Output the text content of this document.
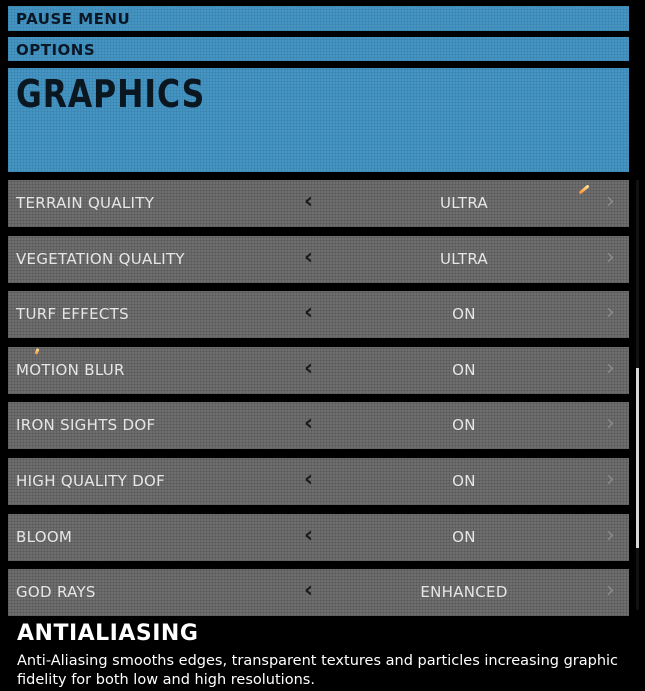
PAUSE MENU
OPTIONS
GRAPHICS
TERRAIN QUALITY	‹	ULTRA	›
VEGETATION QUALITY	‹	ULTRA	›
TURF EFFECTS	‹	ON	›
MOTION BLUR	‹	ON	›
IRON SIGHTS DOF	‹	ON	›
HIGH QUALITY DOF	‹	ON	›
BLOOM	‹	ON	›
GOD RAYS	‹	ENHANCED	›
ANTIALIASING
Anti-Aliasing smooths edges, transparent textures and particles increasing graphic fidelity for both low and high resolutions.
